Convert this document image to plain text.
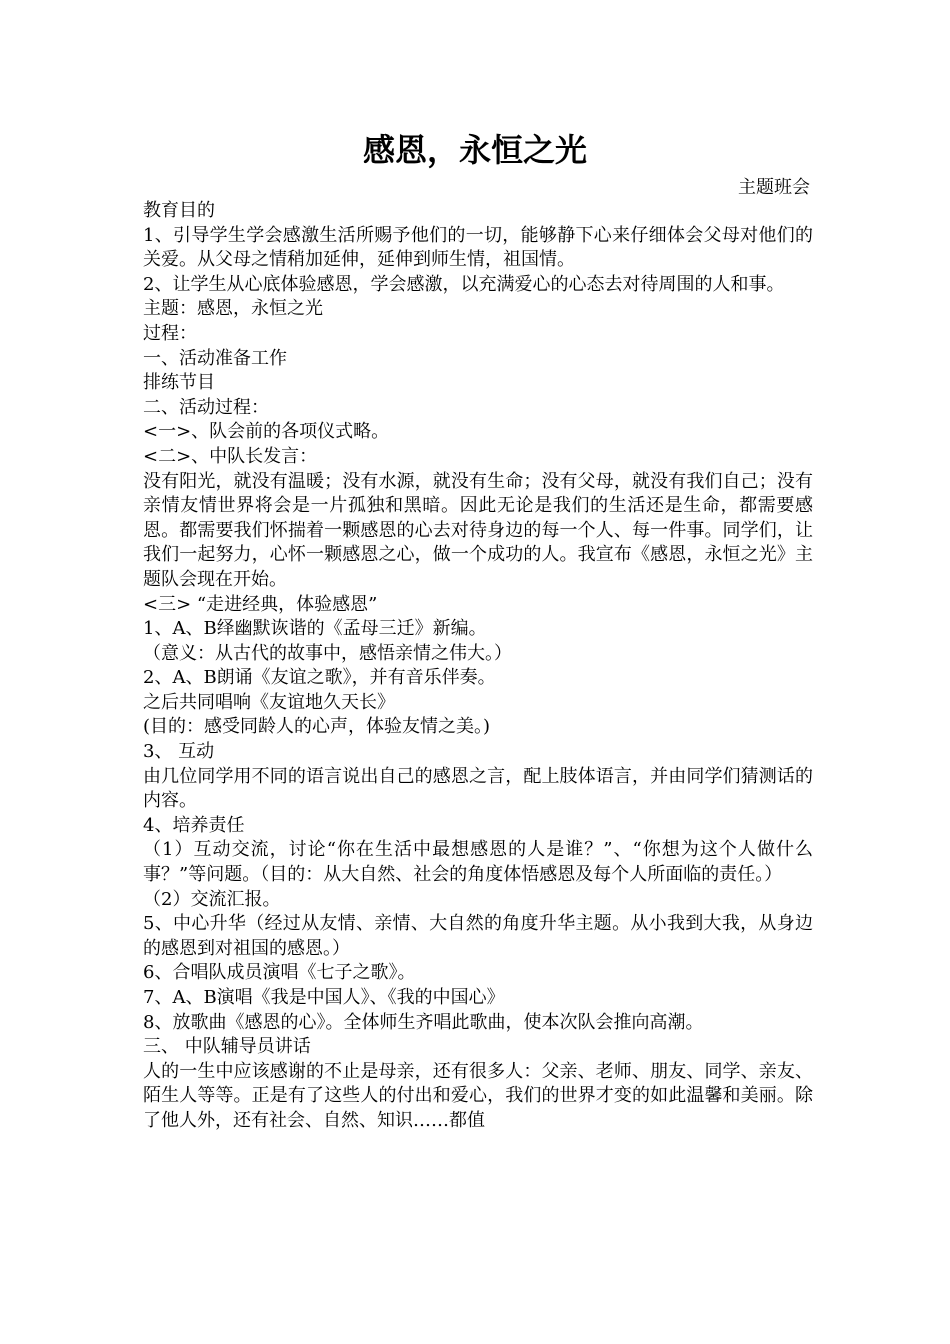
感恩，永恒之光
主题班会

教育目的

1、引导学生学会感激生活所赐予他们的一切，能够静下心来仔细体会父母对他们的关爱。从父母之情稍加延伸，延伸到师生情，祖国情。

2、让学生从心底体验感恩，学会感激，以充满爱心的心态去对待周围的人和事。

主题：感恩，永恒之光

过程：

一、活动准备工作

排练节目

二、活动过程：

<一>、队会前的各项仪式略。

<二>、中队长发言：

没有阳光，就没有温暖；没有水源，就没有生命；没有父母，就没有我们自己；没有亲情友情世界将会是一片孤独和黑暗。因此无论是我们的生活还是生命，都需要感恩。都需要我们怀揣着一颗感恩的心去对待身边的每一个人、每一件事。同学们，让我们一起努力，心怀一颗感恩之心，做一个成功的人。我宣布《感恩，永恒之光》主题队会现在开始。

<三> “走进经典，体验感恩”

1、A、B绎幽默诙谐的《孟母三迁》新编。

（意义：从古代的故事中，感悟亲情之伟大。）

2、A、B朗诵《友谊之歌》，并有音乐伴奏。

之后共同唱响《友谊地久天长》

(目的：感受同龄人的心声，体验友情之美。)

3、 互动

由几位同学用不同的语言说出自己的感恩之言，配上肢体语言，并由同学们猜测话的内容。

4、培养责任

（1）互动交流，讨论“你在生活中最想感恩的人是谁？”、“你想为这个人做什么事？”等问题。（目的：从大自然、社会的角度体悟感恩及每个人所面临的责任。）

（2）交流汇报。

5、中心升华（经过从友情、亲情、大自然的角度升华主题。从小我到大我，从身边的感恩到对祖国的感恩。）

6、合唱队成员演唱《七子之歌》。

7、A、B演唱《我是中国人》、《我的中国心》

8、放歌曲《感恩的心》。全体师生齐唱此歌曲，使本次队会推向高潮。

三、 中队辅导员讲话

人的一生中应该感谢的不止是母亲，还有很多人：父亲、老师、朋友、同学、亲友、陌生人等等。正是有了这些人的付出和爱心，我们的世界才变的如此温馨和美丽。除了他人外，还有社会、自然、知识……都值
